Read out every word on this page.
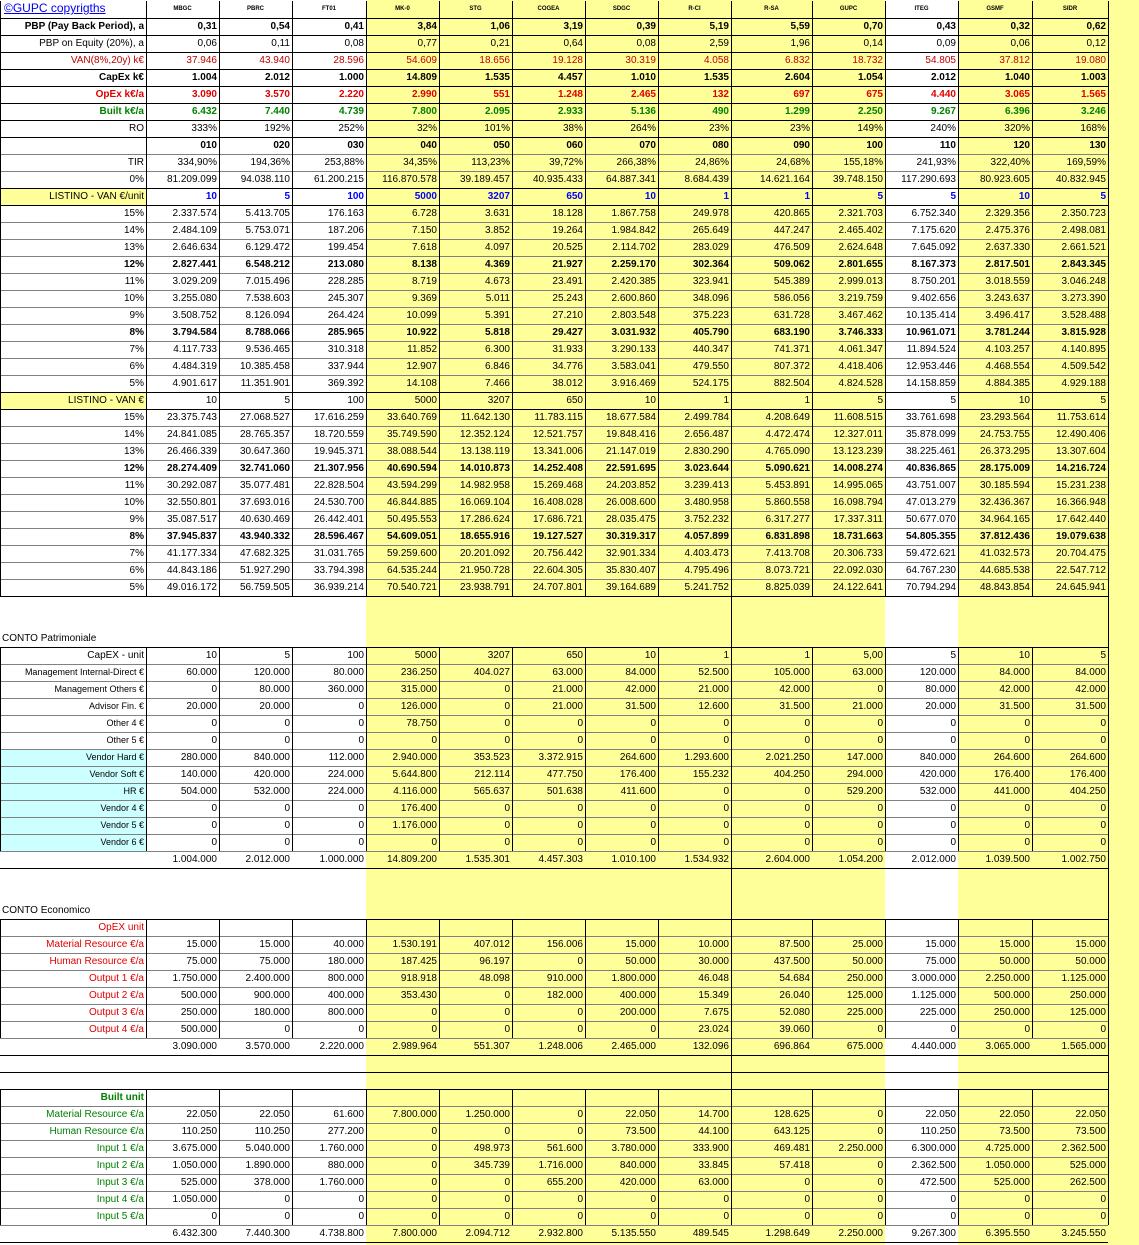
©GUPC copyrigths	MBGC	PBRC	FT01	MK-0	STG	COGEA	SDGC	R-CI	R-SA	GUPC	ITEG	GSMF	SIDR
PBP (Pay Back Period), a	0,31	0,54	0,41	3,84	1,06	3,19	0,39	5,19	5,59	0,70	0,43	0,32	0,62
PBP on Equity (20%), a	0,06	0,11	0,08	0,77	0,21	0,64	0,08	2,59	1,96	0,14	0,09	0,06	0,12
VAN(8%,20y) k€	37.946	43.940	28.596	54.609	18.656	19.128	30.319	4.058	6.832	18.732	54.805	37.812	19.080
CapEx k€	1.004	2.012	1.000	14.809	1.535	4.457	1.010	1.535	2.604	1.054	2.012	1.040	1.003
OpEx k€/a	3.090	3.570	2.220	2.990	551	1.248	2.465	132	697	675	4.440	3.065	1.565
Built k€/a	6.432	7.440	4.739	7.800	2.095	2.933	5.136	490	1.299	2.250	9.267	6.396	3.246
RO	333%	192%	252%	32%	101%	38%	264%	23%	23%	149%	240%	320%	168%
010	020	030	040	050	060	070	080	090	100	110	120	130
TIR	334,90%	194,36%	253,88%	34,35%	113,23%	39,72%	266,38%	24,86%	24,68%	155,18%	241,93%	322,40%	169,59%
0%	81.209.099	94.038.110	61.200.215	116.870.578	39.189.457	40.935.433	64.887.341	8.684.439	14.621.164	39.748.150	117.290.693	80.923.605	40.832.945
LISTINO - VAN €/unit	10	5	100	5000	3207	650	10	1	1	5	5	10	5
15%	2.337.574	5.413.705	176.163	6.728	3.631	18.128	1.867.758	249.978	420.865	2.321.703	6.752.340	2.329.356	2.350.723
14%	2.484.109	5.753.071	187.206	7.150	3.852	19.264	1.984.842	265.649	447.247	2.465.402	7.175.620	2.475.376	2.498.081
13%	2.646.634	6.129.472	199.454	7.618	4.097	20.525	2.114.702	283.029	476.509	2.624.648	7.645.092	2.637.330	2.661.521
12%	2.827.441	6.548.212	213.080	8.138	4.369	21.927	2.259.170	302.364	509.062	2.801.655	8.167.373	2.817.501	2.843.345
11%	3.029.209	7.015.496	228.285	8.719	4.673	23.491	2.420.385	323.941	545.389	2.999.013	8.750.201	3.018.559	3.046.248
10%	3.255.080	7.538.603	245.307	9.369	5.011	25.243	2.600.860	348.096	586.056	3.219.759	9.402.656	3.243.637	3.273.390
9%	3.508.752	8.126.094	264.424	10.099	5.391	27.210	2.803.548	375.223	631.728	3.467.462	10.135.414	3.496.417	3.528.488
8%	3.794.584	8.788.066	285.965	10.922	5.818	29.427	3.031.932	405.790	683.190	3.746.333	10.961.071	3.781.244	3.815.928
7%	4.117.733	9.536.465	310.318	11.852	6.300	31.933	3.290.133	440.347	741.371	4.061.347	11.894.524	4.103.257	4.140.895
6%	4.484.319	10.385.458	337.944	12.907	6.846	34.776	3.583.041	479.550	807.372	4.418.406	12.953.446	4.468.554	4.509.542
5%	4.901.617	11.351.901	369.392	14.108	7.466	38.012	3.916.469	524.175	882.504	4.824.528	14.158.859	4.884.385	4.929.188
LISTINO - VAN €	10	5	100	5000	3207	650	10	1	1	5	5	10	5
15%	23.375.743	27.068.527	17.616.259	33.640.769	11.642.130	11.783.115	18.677.584	2.499.784	4.208.649	11.608.515	33.761.698	23.293.564	11.753.614
14%	24.841.085	28.765.357	18.720.559	35.749.590	12.352.124	12.521.757	19.848.416	2.656.487	4.472.474	12.327.011	35.878.099	24.753.755	12.490.406
13%	26.466.339	30.647.360	19.945.371	38.088.544	13.138.119	13.341.006	21.147.019	2.830.290	4.765.090	13.123.239	38.225.461	26.373.295	13.307.604
12%	28.274.409	32.741.060	21.307.956	40.690.594	14.010.873	14.252.408	22.591.695	3.023.644	5.090.621	14.008.274	40.836.865	28.175.009	14.216.724
11%	30.292.087	35.077.481	22.828.504	43.594.299	14.982.958	15.269.468	24.203.852	3.239.413	5.453.891	14.995.065	43.751.007	30.185.594	15.231.238
10%	32.550.801	37.693.016	24.530.700	46.844.885	16.069.104	16.408.028	26.008.600	3.480.958	5.860.558	16.098.794	47.013.279	32.436.367	16.366.948
9%	35.087.517	40.630.469	26.442.401	50.495.553	17.286.624	17.686.721	28.035.475	3.752.232	6.317.277	17.337.311	50.677.070	34.964.165	17.642.440
8%	37.945.837	43.940.332	28.596.467	54.609.051	18.655.916	19.127.527	30.319.317	4.057.899	6.831.898	18.731.663	54.805.355	37.812.436	19.079.638
7%	41.177.334	47.682.325	31.031.765	59.259.600	20.201.092	20.756.442	32.901.334	4.403.473	7.413.708	20.306.733	59.472.621	41.032.573	20.704.475
6%	44.843.186	51.927.290	33.794.398	64.535.244	21.950.728	22.604.305	35.830.407	4.795.496	8.073.721	22.092.030	64.767.230	44.685.538	22.547.712
5%	49.016.172	56.759.505	36.939.214	70.540.721	23.938.791	24.707.801	39.164.689	5.241.752	8.825.039	24.122.641	70.794.294	48.843.854	24.645.941
CONTO Patrimoniale
CapEX - unit	10	5	100	5000	3207	650	10	1	1	5,00	5	10	5
Management Internal-Direct €	60.000	120.000	80.000	236.250	404.027	63.000	84.000	52.500	105.000	63.000	120.000	84.000	84.000
Management Others €	0	80.000	360.000	315.000	0	21.000	42.000	21.000	42.000	0	80.000	42.000	42.000
Advisor Fin. €	20.000	20.000	0	126.000	0	21.000	31.500	12.600	31.500	21.000	20.000	31.500	31.500
Other 4 €	0	0	0	78.750	0	0	0	0	0	0	0	0	0
Other 5 €	0	0	0	0	0	0	0	0	0	0	0	0	0
Vendor Hard €	280.000	840.000	112.000	2.940.000	353.523	3.372.915	264.600	1.293.600	2.021.250	147.000	840.000	264.600	264.600
Vendor Soft €	140.000	420.000	224.000	5.644.800	212.114	477.750	176.400	155.232	404.250	294.000	420.000	176.400	176.400
HR €	504.000	532.000	224.000	4.116.000	565.637	501.638	411.600	0	0	529.200	532.000	441.000	404.250
Vendor 4 €	0	0	0	176.400	0	0	0	0	0	0	0	0	0
Vendor 5 €	0	0	0	1.176.000	0	0	0	0	0	0	0	0	0
Vendor 6 €	0	0	0	0	0	0	0	0	0	0	0	0	0
1.004.000	2.012.000	1.000.000	14.809.200	1.535.301	4.457.303	1.010.100	1.534.932	2.604.000	1.054.200	2.012.000	1.039.500	1.002.750
CONTO Economico
OpEX unit
Material Resource €/a	15.000	15.000	40.000	1.530.191	407.012	156.006	15.000	10.000	87.500	25.000	15.000	15.000	15.000
Human Resource €/a	75.000	75.000	180.000	187.425	96.197	0	50.000	30.000	437.500	50.000	75.000	50.000	50.000
Output 1 €/a	1.750.000	2.400.000	800.000	918.918	48.098	910.000	1.800.000	46.048	54.684	250.000	3.000.000	2.250.000	1.125.000
Output 2 €/a	500.000	900.000	400.000	353.430	0	182.000	400.000	15.349	26.040	125.000	1.125.000	500.000	250.000
Output 3 €/a	250.000	180.000	800.000	0	0	0	200.000	7.675	52.080	225.000	225.000	250.000	125.000
Output 4 €/a	500.000	0	0	0	0	0	0	23.024	39.060	0	0	0	0
3.090.000	3.570.000	2.220.000	2.989.964	551.307	1.248.006	2.465.000	132.096	696.864	675.000	4.440.000	3.065.000	1.565.000
Built unit
Material Resource €/a	22.050	22.050	61.600	7.800.000	1.250.000	0	22.050	14.700	128.625	0	22.050	22.050	22.050
Human Resource €/a	110.250	110.250	277.200	0	0	0	73.500	44.100	643.125	0	110.250	73.500	73.500
Input 1 €/a	3.675.000	5.040.000	1.760.000	0	498.973	561.600	3.780.000	333.900	469.481	2.250.000	6.300.000	4.725.000	2.362.500
Input 2 €/a	1.050.000	1.890.000	880.000	0	345.739	1.716.000	840.000	33.845	57.418	0	2.362.500	1.050.000	525.000
Input 3 €/a	525.000	378.000	1.760.000	0	0	655.200	420.000	63.000	0	0	472.500	525.000	262.500
Input 4 €/a	1.050.000	0	0	0	0	0	0	0	0	0	0	0	0
Input 5 €/a	0	0	0	0	0	0	0	0	0	0	0	0	0
6.432.300	7.440.300	4.738.800	7.800.000	2.094.712	2.932.800	5.135.550	489.545	1.298.649	2.250.000	9.267.300	6.395.550	3.245.550
